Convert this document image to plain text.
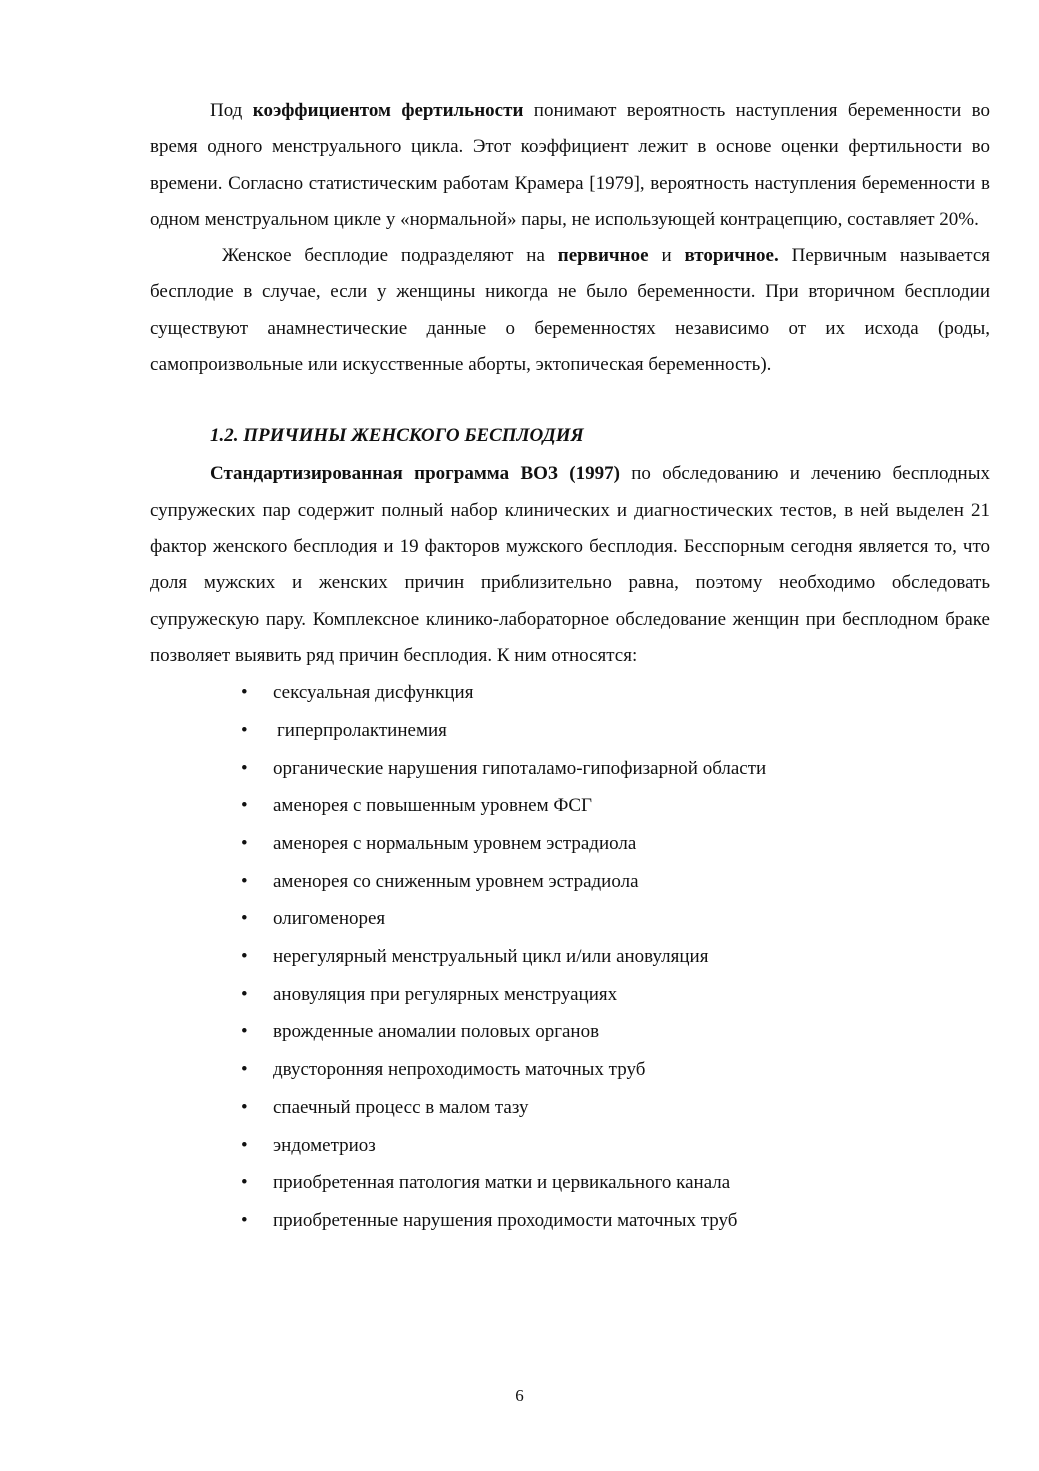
Под коэффициентом фертильности понимают вероятность наступления беременности во время одного менструального цикла. Этот коэффициент лежит в основе оценки фертильности во времени. Согласно статистическим работам Крамера [1979], вероятность наступления беременности в одном менструальном цикле у «нормальной» пары, не использующей контрацепцию, составляет 20%.

Женское бесплодие подразделяют на первичное и вторичное. Первичным называется бесплодие в случае, если у женщины никогда не было беременности. При вторичном бесплодии существуют анамнестические данные о беременностях независимо от их исхода (роды, самопроизвольные или искусственные аборты, эктопическая беременность).

1.2. ПРИЧИНЫ ЖЕНСКОГО БЕСПЛОДИЯ

Стандартизированная программа ВОЗ (1997) по обследованию и лечению бесплодных супружеских пар содержит полный набор клинических и диагностических тестов, в ней выделен 21 фактор женского бесплодия и 19 факторов мужского бесплодия. Бесспорным сегодня является то, что доля мужских и женских причин приблизительно равна, поэтому необходимо обследовать супружескую пару. Комплексное клинико-лабораторное обследование женщин при бесплодном браке позволяет выявить ряд причин бесплодия. К ним относятся:

• сексуальная дисфункция
• гиперпролактинемия
• органические нарушения гипоталамо-гипофизарной области
• аменорея с повышенным уровнем ФСГ
• аменорея с нормальным уровнем эстрадиола
• аменорея со сниженным уровнем эстрадиола
• олигоменорея
• нерегулярный менструальный цикл и/или ановуляция
• ановуляция при регулярных менструациях
• врожденные аномалии половых органов
• двусторонняя непроходимость маточных труб
• спаечный процесс в малом тазу
• эндометриоз
• приобретенная патология матки и цервикального канала
• приобретенные нарушения проходимости маточных труб
6
